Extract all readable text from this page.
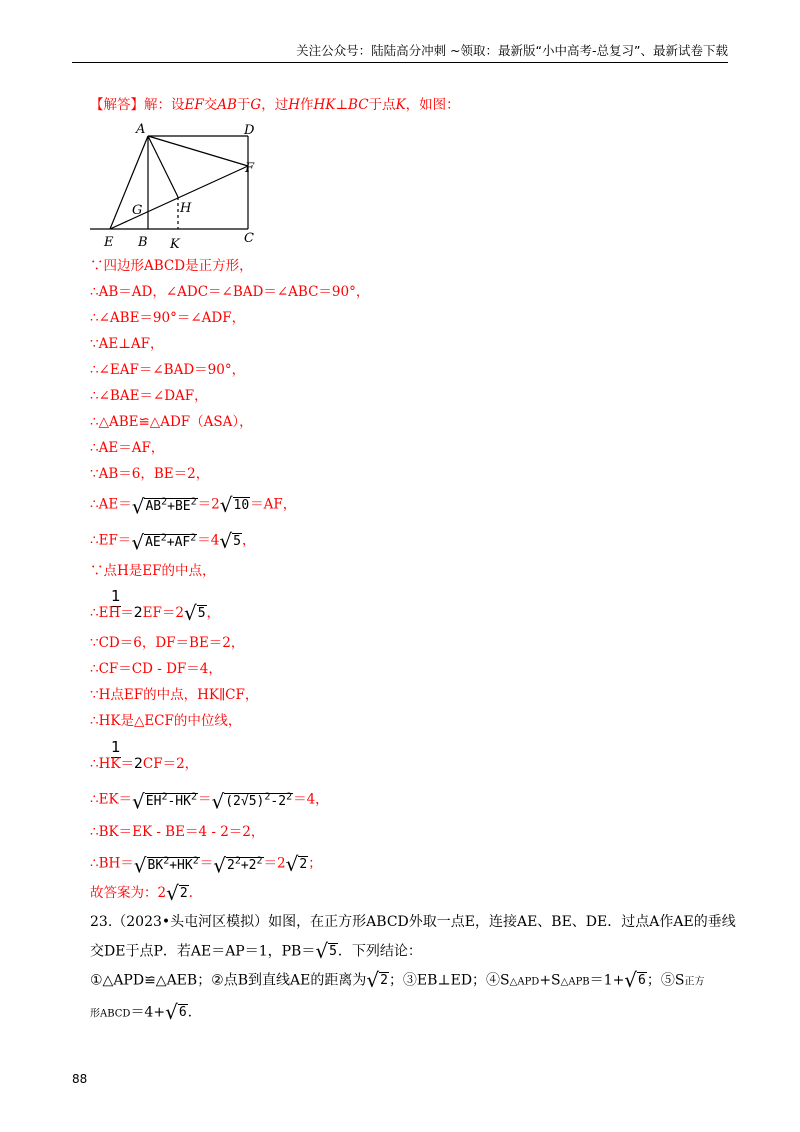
关注公众号：陆陆高分冲刺 ~领取：最新版“小中高考-总复习”、最新试卷下载
【解答】解：设EF交AB于G，过H作HK⊥BC于点K，如图：
A	D
F
G	H
E B K	C
∵四边形ABCD是正方形，
∴AB＝AD，∠ADC＝∠BAD＝∠ABC＝90°，
∴∠ABE＝90°＝∠ADF，
∵AE⊥AF，
∴∠EAF＝∠BAD＝90°，
∴∠BAE＝∠DAF，
∴△ABE≌△ADF（ASA），
∴AE＝AF，
∵AB＝6，BE＝2，
$\therefore AE=√AB^2+BE^2=2√10=AF$，
$\therefore EF=√AE^2+AF^2=4√5$，
∵点H是EF的中点，
1
∴EH＝2EF＝2√5，
∵CD＝6，DF＝BE＝2，
∴CF＝CD - DF＝4，
∵H点EF的中点，HK∥CF，
∴HK是△ECF的中位线，
1
∴HK＝2CF＝2，
$\therefore EK=√EH^2-HK^2=√(2√5)^2-2^2=4$，
∴BK＝EK - BE＝4 - 2＝2，
$\therefore BH=√BK^2+HK^2=√2^2+2^2=2√2$；
故答案为：2√2.
23.（2023•头屯河区模拟）如图，在正方形ABCD外取一点E，连接AE、BE、DE．过点A作AE的垂线
交DE于点P．若AE＝AP＝1，PB＝√5．下列结论：
①△APD≌△AEB；②点B到直线AE的距离为√2；③EB⊥ED；④S△APD+S△APB＝1+√6；⑤S正方
形ABCD＝4+√6.
88
